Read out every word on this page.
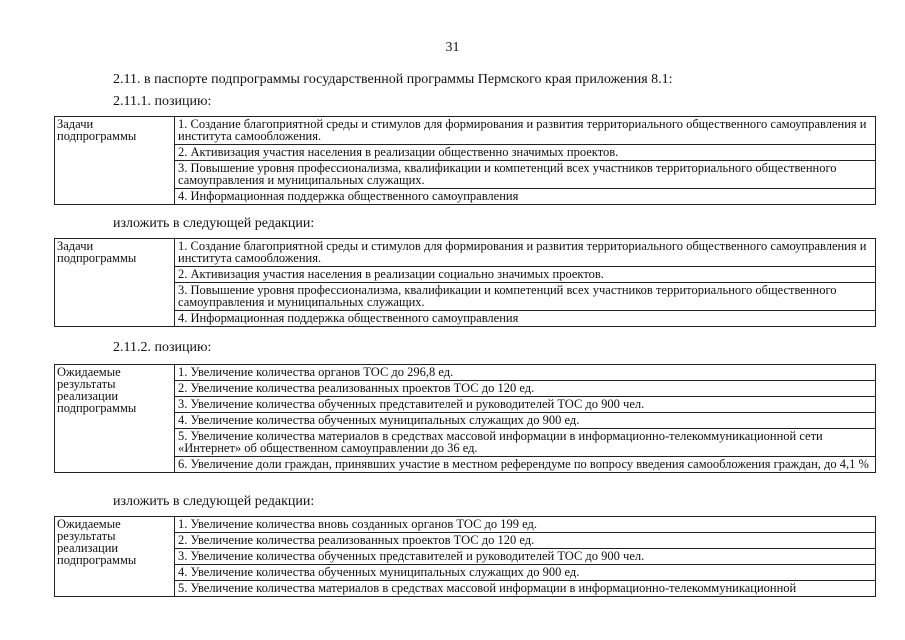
31
2.11. в паспорте подпрограммы государственной программы Пермского края приложения 8.1:
2.11.1. позицию:
Задачи
подпрограммы
1. Создание благоприятной среды и стимулов для формирования и развития территориального общественного самоуправления и института самообложения.
2. Активизация участия населения в реализации общественно значимых проектов.
3. Повышение уровня профессионализма, квалификации и компетенций всех участников территориального общественного самоуправления и муниципальных служащих.
4. Информационная поддержка общественного самоуправления
изложить в следующей редакции:
Задачи
подпрограммы
1. Создание благоприятной среды и стимулов для формирования и развития территориального общественного самоуправления и института самообложения.
2. Активизация участия населения в реализации социально значимых проектов.
3. Повышение уровня профессионализма, квалификации и компетенций всех участников территориального общественного самоуправления и муниципальных служащих.
4. Информационная поддержка общественного самоуправления
2.11.2. позицию:
Ожидаемые
результаты
реализации
подпрограммы
1. Увеличение количества органов ТОС до 296,8 ед.
2. Увеличение количества реализованных проектов ТОС до 120 ед.
3. Увеличение количества обученных представителей и руководителей ТОС до 900 чел.
4. Увеличение количества обученных муниципальных служащих до 900 ед.
5. Увеличение количества материалов в средствах массовой информации в информационно-телекоммуникационной сети «Интернет» об общественном самоуправлении до 36 ед.
6. Увеличение доли граждан, принявших участие в местном референдуме по вопросу введения самообложения граждан, до 4,1 %
изложить в следующей редакции:
Ожидаемые
результаты
реализации
подпрограммы
1. Увеличение количества вновь созданных органов ТОС до 199 ед.
2. Увеличение количества реализованных проектов ТОС до 120 ед.
3. Увеличение количества обученных представителей и руководителей ТОС до 900 чел.
4. Увеличение количества обученных муниципальных служащих до 900 ед.
5. Увеличение количества материалов в средствах массовой информации в информационно-телекоммуникационной
